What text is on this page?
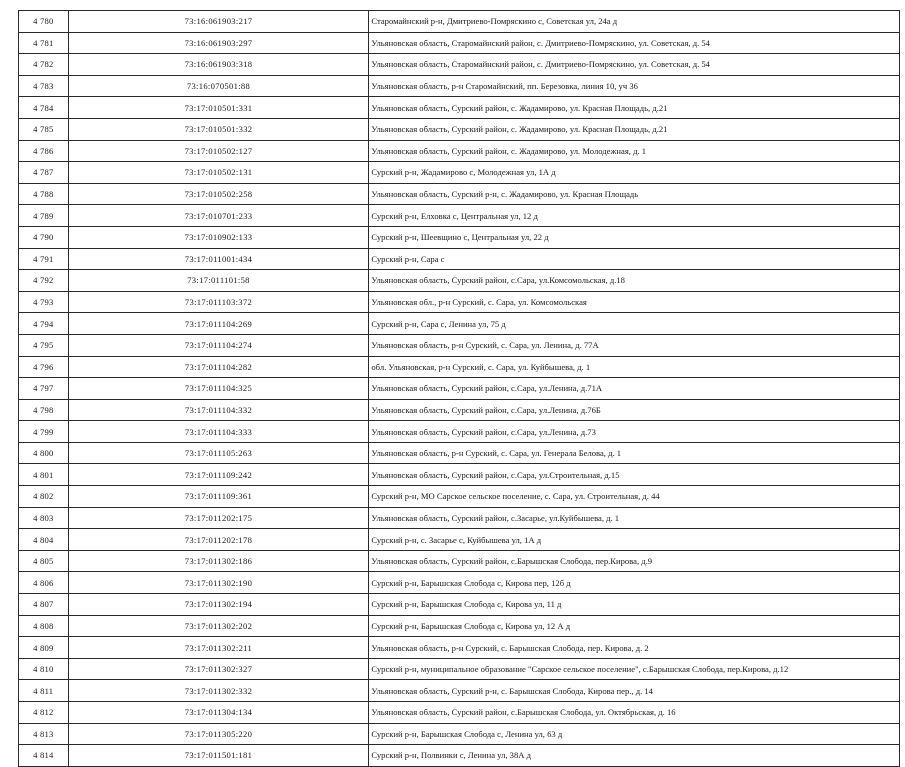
4 780	73:16:061903:217	Старомайнский р-н, Дмитриево-Помряскино с, Советская ул, 24а д
4 781	73:16:061903:297	Ульяновская область, Старомайнский район, с. Дмитриево-Помряскино, ул. Советская, д. 54
4 782	73:16:061903:318	Ульяновская область, Старомайнский район, с. Дмитриево-Помряскино, ул. Советская, д. 54
4 783	73:16:070501:88	Ульяновская область, р-н Старомайнский, пп. Березовка, линия 10, уч 36
4 784	73:17:010501:331	Ульяновская область, Сурский район, с. Жадамирово, ул. Красная Площадь, д.21
4 785	73:17:010501:332	Ульяновская область, Сурский район, с. Жадамирово, ул. Красная Площадь, д.21
4 786	73:17:010502:127	Ульяновская область, Сурский район, с. Жадамирово, ул. Молодежная, д. 1
4 787	73:17:010502:131	Сурский р-н, Жадамирово с, Молодежная ул, 1А д
4 788	73:17:010502:258	Ульяновская область, Сурский р-н, с. Жадамирово, ул. Красная Площадь
4 789	73:17:010701:233	Сурский р-н, Елховка с, Центральная ул, 12 д
4 790	73:17:010902:133	Сурский р-н, Шеевщино с, Центральная ул, 22 д
4 791	73:17:011001:434	Сурский р-н, Сара с
4 792	73:17:011101:58	Ульяновская область, Сурский район, с.Сара, ул.Комсомольская, д.18
4 793	73:17:011103:372	Ульяновская обл., р-н Сурский, с. Сара, ул. Комсомольская
4 794	73:17:011104:269	Сурский р-н, Сара с, Ленина ул, 75 д
4 795	73:17:011104:274	Ульяновская область, р-н Сурский, с. Сара, ул. Ленина, д. 77А
4 796	73:17:011104:282	обл. Ульяновская, р-н Сурский, с. Сара, ул. Куйбышева, д. 1
4 797	73:17:011104:325	Ульяновская область, Сурский район, с.Сара, ул.Ленина, д.71А
4 798	73:17:011104:332	Ульяновская область, Сурский район, с.Сара, ул.Ленина, д.76Б
4 799	73:17:011104:333	Ульяновская область, Сурский район, с.Сара, ул.Ленина, д.73
4 800	73:17:011105:263	Ульяновская область, р-н Сурский, с. Сара, ул. Генерала Белова, д. 1
4 801	73:17:011109:242	Ульяновская область, Сурский район, с.Сара, ул.Строительная, д.15
4 802	73:17:011109:361	Сурский р-н, МО Сарское сельское поселение, с. Сара, ул. Строительная, д. 44
4 803	73:17:011202:175	Ульяновская область, Сурский район, с.Засарье, ул.Куйбышева, д. 1
4 804	73:17:011202:178	Сурский р-н, с. Засарье с, Куйбышева ул, 1А д
4 805	73:17:011302:186	Ульяновская область, Сурский район, с.Барышская Слобода, пер.Кирова, д.9
4 806	73:17:011302:190	Сурский р-н, Барышская Слобода с, Кирова пер, 12б д
4 807	73:17:011302:194	Сурский р-н, Барышская Слобода с, Кирова ул, 11 д
4 808	73:17:011302:202	Сурский р-н, Барышская Слобода с, Кирова ул, 12 А д
4 809	73:17:011302:211	Ульяновская область, р-н Сурский, с. Барышская Слобода, пер. Кирова, д. 2
4 810	73:17:011302:327	Сурский р-н, муниципальное образование "Сарское сельское поселение", с.Барышская Слобода, пер.Кирова, д.12
4 811	73:17:011302:332	Ульяновская область, Сурский р-н, с. Барышская Слобода, Кирова пер., д. 14
4 812	73:17:011304:134	Ульяновская область, Сурский район, с.Барышская Слобода, ул. Октябрьская, д. 16
4 813	73:17:011305:220	Сурский р-н, Барышская Слобода с, Ленина ул, 63 д
4 814	73:17:011501:181	Сурский р-н, Полвинки с, Ленина ул, 38А д
